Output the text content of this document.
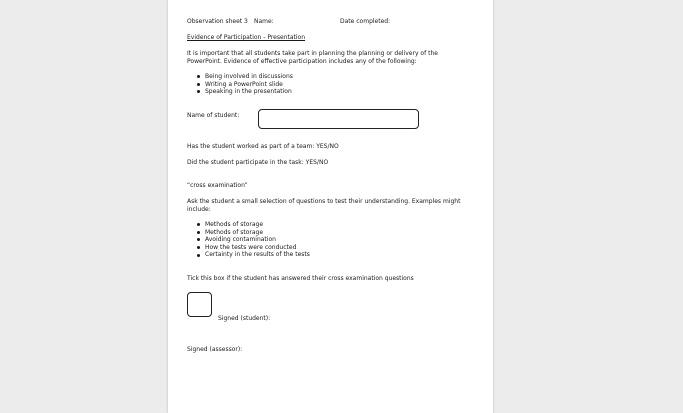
Observation sheet 3 Name:	Date completed:
Evidence of Participation - Presentation
It is important that all students take part in planning the planning or delivery of the PowerPoint. Evidence of effective participation includes any of the following:
Being involved in discussions
Writing a PowerPoint slide
Speaking in the presentation
Name of student:
Has the student worked as part of a team: YES/NO
Did the student participate in the task: YES/NO
“cross examination”
Ask the student a small selection of questions to test their understanding. Examples might include:
Methods of storage
Methods of storage
Avoiding contamination
How the tests were conducted
Certainty in the results of the tests
Tick this box if the student has answered their cross examination questions
Signed (student):
Signed (assessor):
